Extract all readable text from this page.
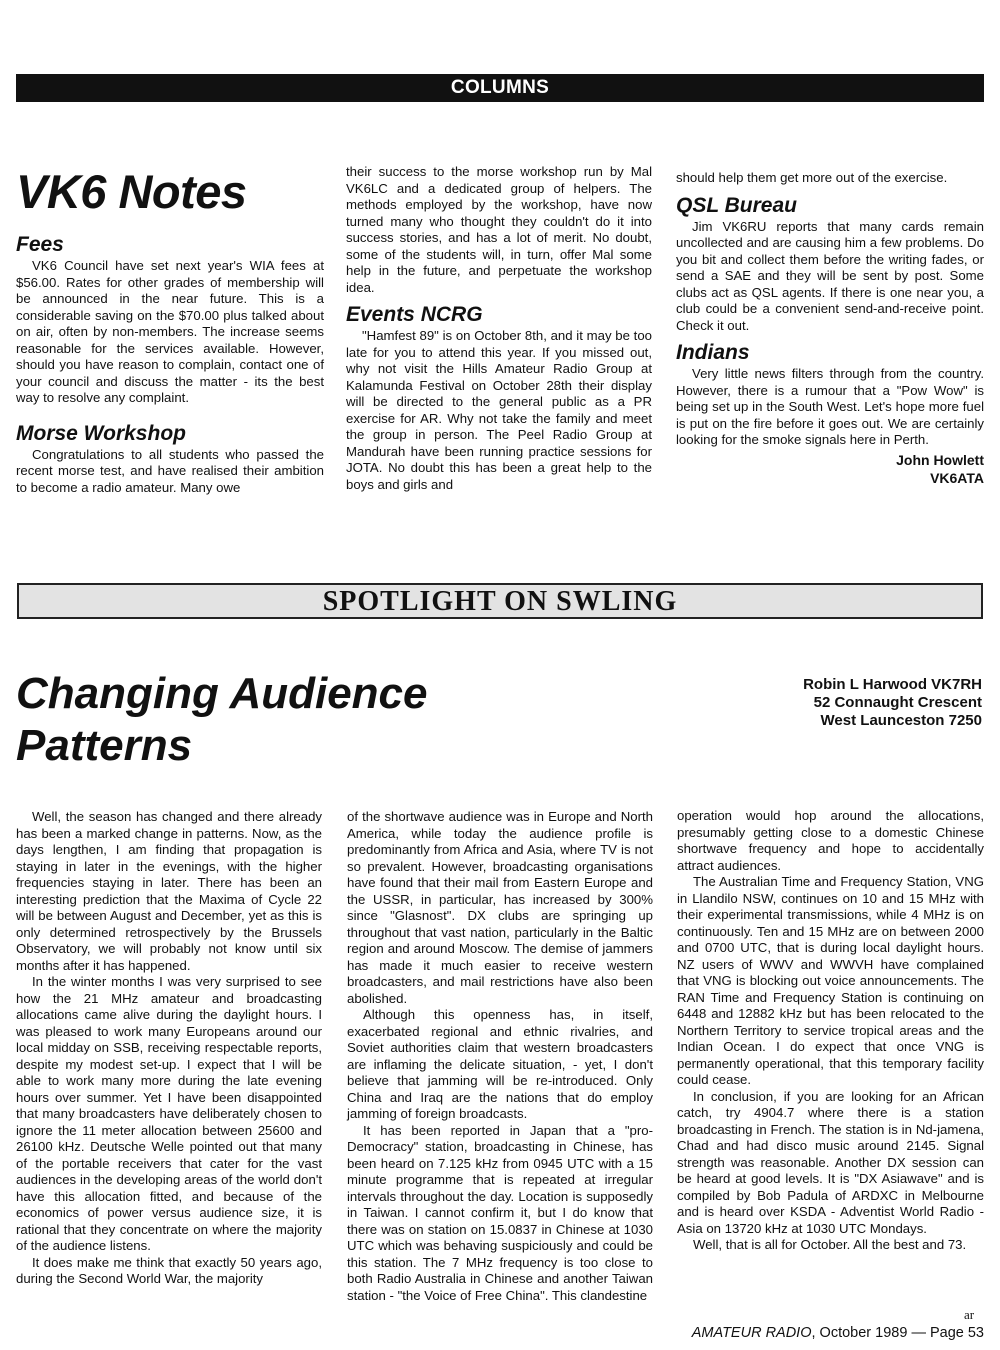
COLUMNS
VK6 Notes
Fees

VK6 Council have set next year's WIA fees at $56.00. Rates for other grades of membership will be announced in the near future. This is a considerable saving on the $70.00 plus talked about on air, often by non-members. The increase seems reasonable for the services available. However, should you have reason to complain, contact one of your council and discuss the matter - its the best way to resolve any complaint.

Morse Workshop

Congratulations to all students who passed the recent morse test, and have realised their ambition to become a radio amateur. Many owe

their success to the morse workshop run by Mal VK6LC and a dedicated group of helpers. The methods employed by the workshop, have now turned many who thought they couldn't do it into success stories, and has a lot of merit. No doubt, some of the students will, in turn, offer Mal some help in the future, and perpetuate the workshop idea.

Events NCRG

"Hamfest 89" is on October 8th, and it may be too late for you to attend this year. If you missed out, why not visit the Hills Amateur Radio Group at Kalamunda Festival on October 28th their display will be directed to the general public as a PR exercise for AR. Why not take the family and meet the group in person. The Peel Radio Group at Mandurah have been running practice sessions for JOTA. No doubt this has been a great help to the boys and girls and

should help them get more out of the exercise.

QSL Bureau

Jim VK6RU reports that many cards remain uncollected and are causing him a few problems. Do you bit and collect them before the writing fades, or send a SAE and they will be sent by post. Some clubs act as QSL agents. If there is one near you, a club could be a convenient send-and-receive point. Check it out.

Indians

Very little news filters through from the country. However, there is a rumour that a "Pow Wow" is being set up in the South West. Let's hope more fuel is put on the fire before it goes out. We are certainly looking for the smoke signals here in Perth.

John Howlett
VK6ATA
SPOTLIGHT ON SWLING
Changing Audience Patterns
Robin L Harwood VK7RH
52 Connaught Crescent
West Launceston 7250

Well, the season has changed and there already has been a marked change in patterns. Now, as the days lengthen, I am finding that propagation is staying in later in the evenings, with the higher frequencies staying in later. There has been an interesting prediction that the Maxima of Cycle 22 will be between August and December, yet as this is only determined retrospectively by the Brussels Observatory, we will probably not know until six months after it has happened.

In the winter months I was very surprised to see how the 21 MHz amateur and broadcasting allocations came alive during the daylight hours. I was pleased to work many Europeans around our local midday on SSB, receiving respectable reports, despite my modest set-up. I expect that I will be able to work many more during the late evening hours over summer. Yet I have been disappointed that many broadcasters have deliberately chosen to ignore the 11 meter allocation between 25600 and 26100 kHz. Deutsche Welle pointed out that many of the portable receivers that cater for the vast audiences in the developing areas of the world don't have this allocation fitted, and because of the economics of power versus audience size, it is rational that they concentrate on where the majority of the audience listens.

It does make me think that exactly 50 years ago, during the Second World War, the majority

of the shortwave audience was in Europe and North America, while today the audience profile is predominantly from Africa and Asia, where TV is not so prevalent. However, broadcasting organisations have found that their mail from Eastern Europe and the USSR, in particular, has increased by 300% since "Glasnost". DX clubs are springing up throughout that vast nation, particularly in the Baltic region and around Moscow. The demise of jammers has made it much easier to receive western broadcasters, and mail restrictions have also been abolished.

Although this openness has, in itself, exacerbated regional and ethnic rivalries, and Soviet authorities claim that western broadcasters are inflaming the delicate situation, - yet, I don't believe that jamming will be re-introduced. Only China and Iraq are the nations that do employ jamming of foreign broadcasts.

It has been reported in Japan that a "pro-Democracy" station, broadcasting in Chinese, has been heard on 7.125 kHz from 0945 UTC with a 15 minute programme that is repeated at irregular intervals throughout the day. Location is supposedly in Taiwan. I cannot confirm it, but I do know that there was on station on 15.0837 in Chinese at 1030 UTC which was behaving suspiciously and could be this station. The 7 MHz frequency is too close to both Radio Australia in Chinese and another Taiwan station - "the Voice of Free China". This clandestine

operation would hop around the allocations, presumably getting close to a domestic Chinese shortwave frequency and hope to accidentally attract audiences.

The Australian Time and Frequency Station, VNG in Llandilo NSW, continues on 10 and 15 MHz with their experimental transmissions, while 4 MHz is on continuously. Ten and 15 MHz are on between 2000 and 0700 UTC, that is during local daylight hours. NZ users of WWV and WWVH have complained that VNG is blocking out voice announcements. The RAN Time and Frequency Station is continuing on 6448 and 12882 kHz but has been relocated to the Northern Territory to service tropical areas and the Indian Ocean. I do expect that once VNG is permanently operational, that this temporary facility could cease.

In conclusion, if you are looking for an African catch, try 4904.7 where there is a station broadcasting in French. The station is in Nd-jamena, Chad and had disco music around 2145. Signal strength was reasonable. Another DX session can be heard at good levels. It is "DX Asiawave" and is compiled by Bob Padula of ARDXC in Melbourne and is heard over KSDA - Adventist World Radio - Asia on 13720 kHz at 1030 UTC Mondays.

Well, that is all for October. All the best and 73.

ar
AMATEUR RADIO, October 1989 — Page 53
